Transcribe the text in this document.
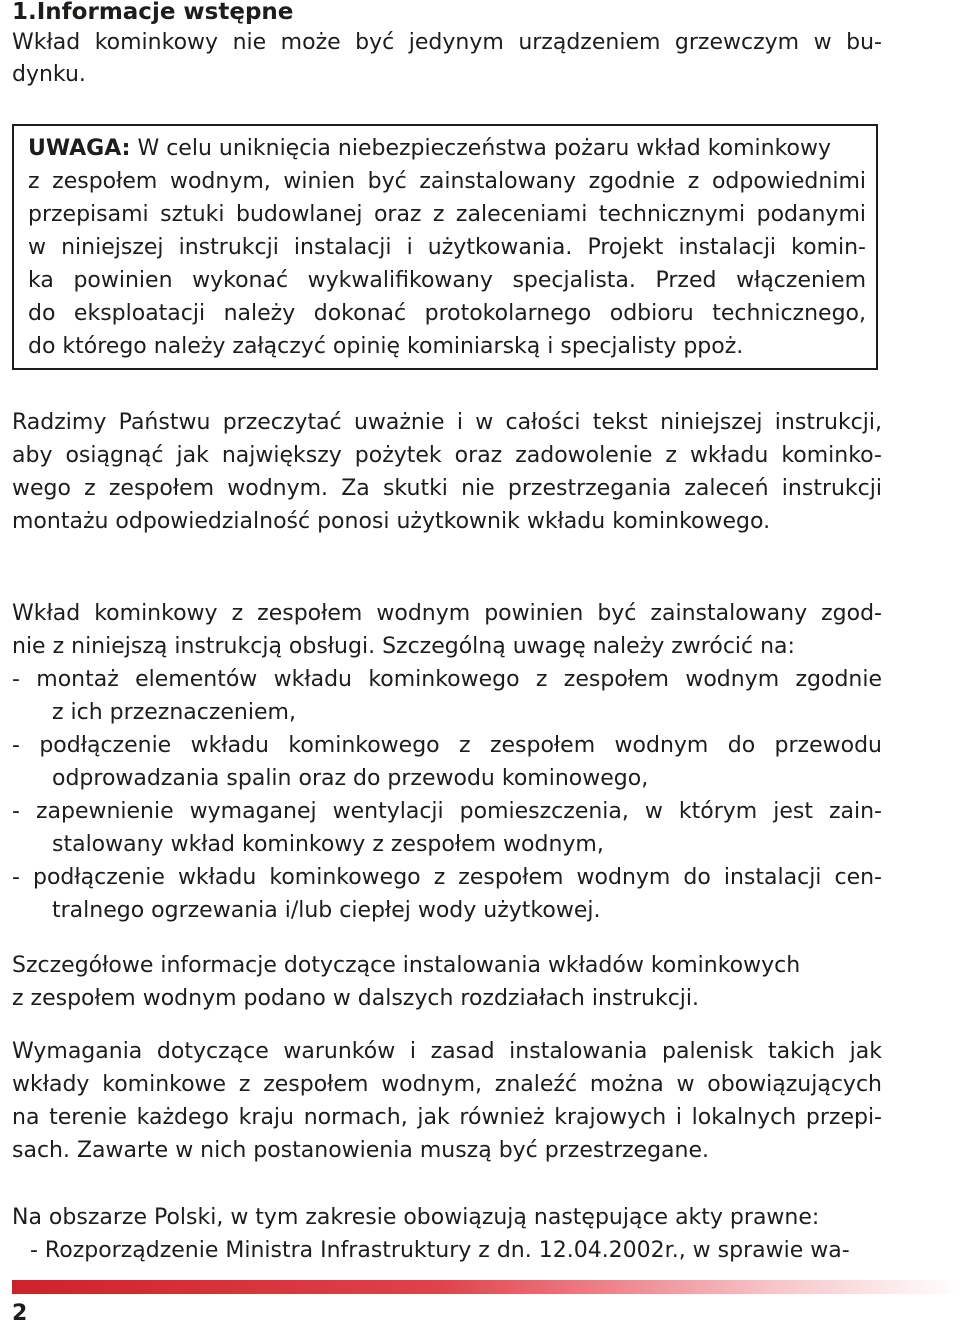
1.Informacje wstępne
Wkład kominkowy nie może być jedynym urządzeniem grzewczym w bu-
dynku.
UWAGA: W celu uniknięcia niebezpieczeństwa pożaru wkład kominkowy
z zespołem wodnym, winien być zainstalowany zgodnie z odpowiednimi
przepisami sztuki budowlanej oraz z zaleceniami technicznymi podanymi
w niniejszej instrukcji instalacji i użytkowania. Projekt instalacji komin-
ka powinien wykonać wykwalifikowany specjalista. Przed włączeniem
do eksploatacji należy dokonać protokolarnego odbioru technicznego,
do którego należy załączyć opinię kominiarską i specjalisty ppoż.
Radzimy Państwu przeczytać uważnie i w całości tekst niniejszej instrukcji,
aby osiągnąć jak największy pożytek oraz zadowolenie z wkładu kominko-
wego z zespołem wodnym. Za skutki nie przestrzegania zaleceń instrukcji
montażu odpowiedzialność ponosi użytkownik wkładu kominkowego.
Wkład kominkowy z zespołem wodnym powinien być zainstalowany zgod-
nie z niniejszą instrukcją obsługi. Szczególną uwagę należy zwrócić na:
- montaż elementów wkładu kominkowego z zespołem wodnym zgodnie
z ich przeznaczeniem,
- podłączenie wkładu kominkowego z zespołem wodnym do przewodu
odprowadzania spalin oraz do przewodu kominowego,
- zapewnienie wymaganej wentylacji pomieszczenia, w którym jest zain-
stalowany wkład kominkowy z zespołem wodnym,
- podłączenie wkładu kominkowego z zespołem wodnym do instalacji cen-
tralnego ogrzewania i/lub ciepłej wody użytkowej.
Szczegółowe informacje dotyczące instalowania wkładów kominkowych
z zespołem wodnym podano w dalszych rozdziałach instrukcji.
Wymagania dotyczące warunków i zasad instalowania palenisk takich jak
wkłady kominkowe z zespołem wodnym, znaleźć można w obowiązujących
na terenie każdego kraju normach, jak również krajowych i lokalnych przepi-
sach. Zawarte w nich postanowienia muszą być przestrzegane.
Na obszarze Polski, w tym zakresie obowiązują następujące akty prawne:
- Rozporządzenie Ministra Infrastruktury z dn. 12.04.2002r., w sprawie wa-
2
